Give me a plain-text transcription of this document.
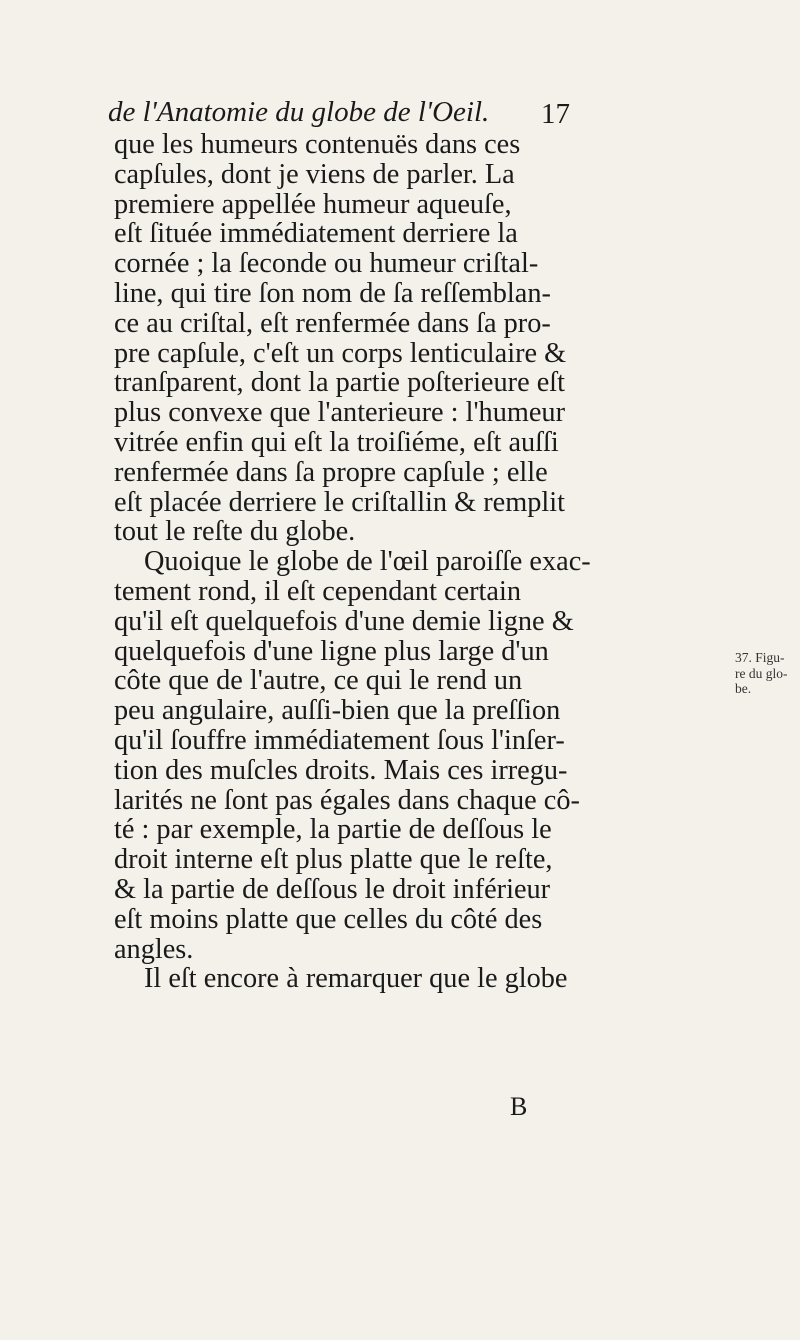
de l'Anatomie du globe de l'Oeil. 17
que les humeurs contenuës dans ces
capſules, dont je viens de parler. La
premiere appellée humeur aqueuſe,
eſt ſituée immédiatement derriere la
cornée ; la ſeconde ou humeur criſtal-
line, qui tire ſon nom de ſa reſſemblan-
ce au criſtal, eſt renfermée dans ſa pro-
pre capſule, c'eſt un corps lenticulaire &
tranſparent, dont la partie poſterieure eſt
plus convexe que l'anterieure : l'humeur
vitrée enfin qui eſt la troiſiéme, eſt auſſi
renfermée dans ſa propre capſule ; elle
eſt placée derriere le criſtallin & remplit
tout le reſte du globe.
Quoique le globe de l'œil paroiſſe exac-
tement rond, il eſt cependant certain
qu'il eſt quelquefois d'une demie ligne &
quelquefois d'une ligne plus large d'un
côte que de l'autre, ce qui le rend un
peu angulaire, auſſi-bien que la preſſion
qu'il ſouffre immédiatement ſous l'inſer-
tion des muſcles droits. Mais ces irregu-
larités ne ſont pas égales dans chaque cô-
té : par exemple, la partie de deſſous le
droit interne eſt plus platte que le reſte,
& la partie de deſſous le droit inférieur
eſt moins platte que celles du côté des
angles.
Il eſt encore à remarquer que le globe
B
37. Figu-
re du glo-
be.
